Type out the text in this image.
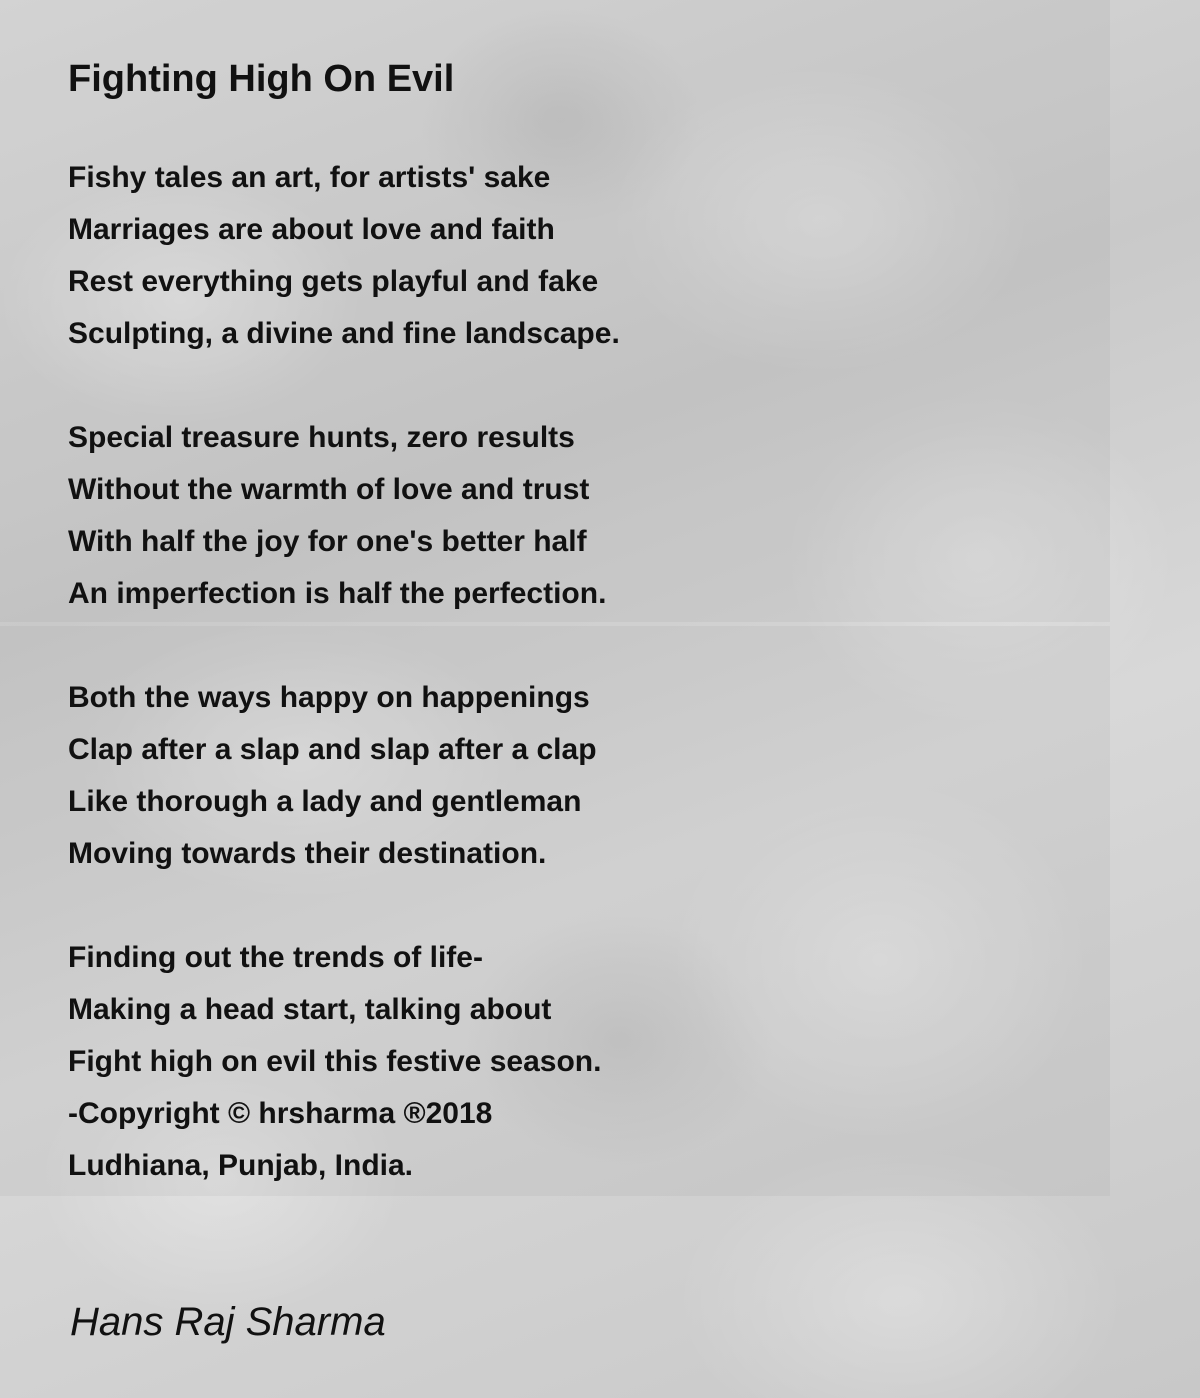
Fighting High On Evil

Fishy tales an art, for artists' sake
Marriages are about love and faith
Rest everything gets playful and fake
Sculpting, a divine and fine landscape.

Special treasure hunts, zero results
Without the warmth of love and trust
With half the joy for one's better half
An imperfection is half the perfection.

Both the ways happy on happenings
Clap after a slap and slap after a clap
Like thorough a lady and gentleman
Moving towards their destination.

Finding out the trends of life-
Making a head start, talking about
Fight high on evil this festive season.
-Copyright © hrsharma ®2018
Ludhiana, Punjab, India.

Hans Raj Sharma
